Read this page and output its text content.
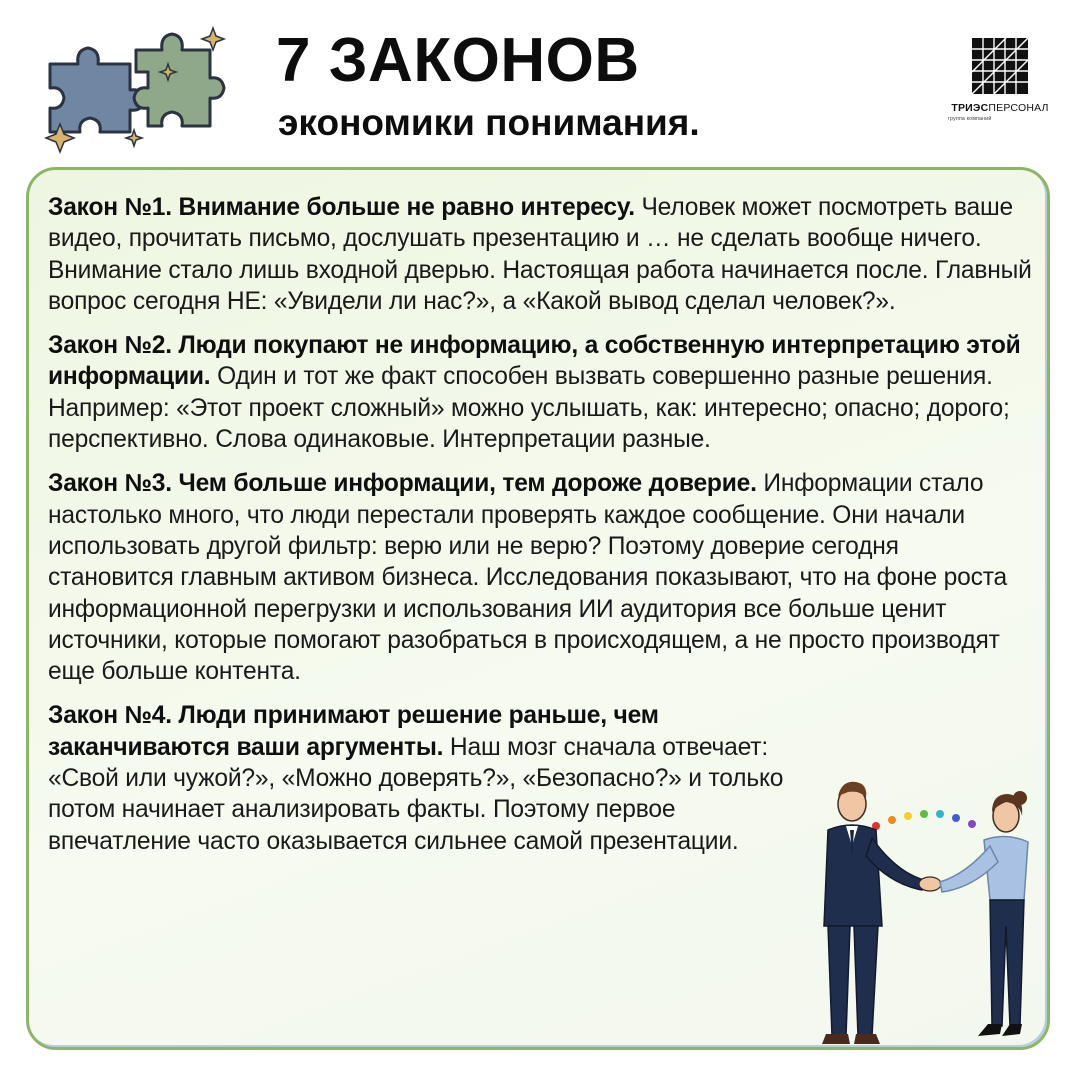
7 ЗАКОНОВ
экономики понимания.	ТРИЭСПЕРСОНАЛ
группа компаний

Закон №1. Внимание больше не равно интересу. Человек может посмотреть ваше видео, прочитать письмо, дослушать презентацию и … не сделать вообще ничего. Внимание стало лишь входной дверью. Настоящая работа начинается после. Главный вопрос сегодня НЕ: «Увидели ли нас?», а «Какой вывод сделал человек?».

Закон №2. Люди покупают не информацию, а собственную интерпретацию этой информации. Один и тот же факт способен вызвать совершенно разные решения. Например: «Этот проект сложный» можно услышать, как: интересно; опасно; дорого; перспективно. Слова одинаковые. Интерпретации разные.

Закон №3. Чем больше информации, тем дороже доверие. Информации стало настолько много, что люди перестали проверять каждое сообщение. Они начали использовать другой фильтр: верю или не верю? Поэтому доверие сегодня становится главным активом бизнеса. Исследования показывают, что на фоне роста информационной перегрузки и использования ИИ аудитория все больше ценит источники, которые помогают разобраться в происходящем, а не просто производят еще больше контента.

Закон №4. Люди принимают решение раньше, чем заканчиваются ваши аргументы. Наш мозг сначала отвечает: «Свой или чужой?», «Можно доверять?», «Безопасно?» и только потом начинает анализировать факты. Поэтому первое впечатление часто оказывается сильнее самой презентации.
